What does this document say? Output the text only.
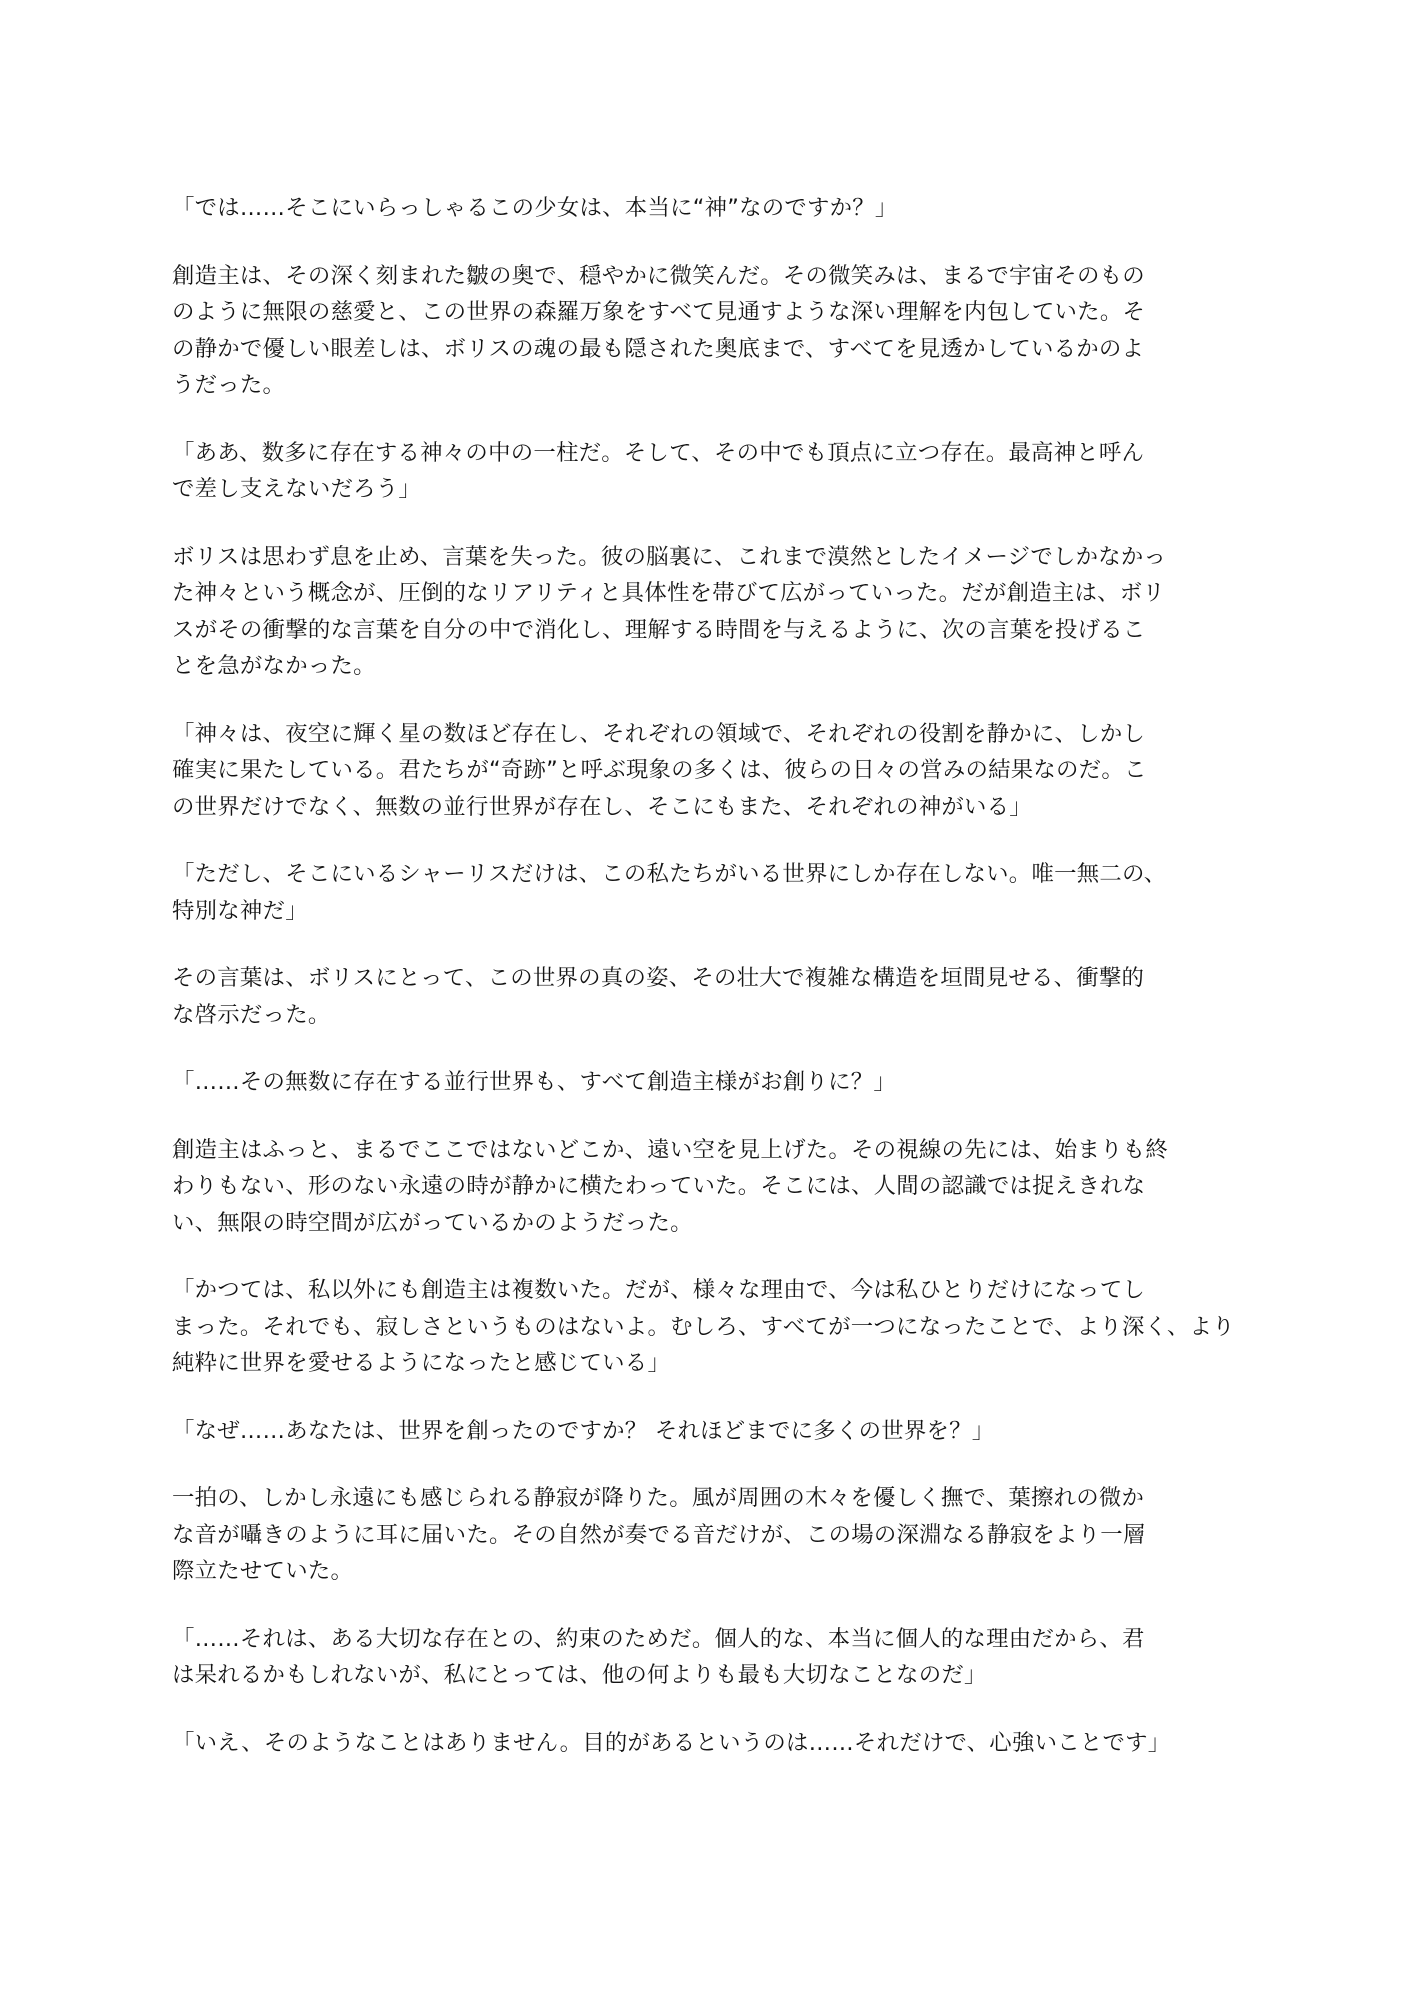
「では……そこにいらっしゃるこの少女は、本当に“神”なのですか？」

創造主は、その深く刻まれた皺の奥で、穏やかに微笑んだ。その微笑みは、まるで宇宙そのもの
のように無限の慈愛と、この世界の森羅万象をすべて見通すような深い理解を内包していた。そ
の静かで優しい眼差しは、ボリスの魂の最も隠された奥底まで、すべてを見透かしているかのよ
うだった。

「ああ、数多に存在する神々の中の一柱だ。そして、その中でも頂点に立つ存在。最高神と呼ん
で差し支えないだろう」

ボリスは思わず息を止め、言葉を失った。彼の脳裏に、これまで漠然としたイメージでしかなかっ
た神々という概念が、圧倒的なリアリティと具体性を帯びて広がっていった。だが創造主は、ボリ
スがその衝撃的な言葉を自分の中で消化し、理解する時間を与えるように、次の言葉を投げるこ
とを急がなかった。

「神々は、夜空に輝く星の数ほど存在し、それぞれの領域で、それぞれの役割を静かに、しかし
確実に果たしている。君たちが“奇跡”と呼ぶ現象の多くは、彼らの日々の営みの結果なのだ。こ
の世界だけでなく、無数の並行世界が存在し、そこにもまた、それぞれの神がいる」

「ただし、そこにいるシャーリスだけは、この私たちがいる世界にしか存在しない。唯一無二の、
特別な神だ」

その言葉は、ボリスにとって、この世界の真の姿、その壮大で複雑な構造を垣間見せる、衝撃的
な啓示だった。

「……その無数に存在する並行世界も、すべて創造主様がお創りに？」

創造主はふっと、まるでここではないどこか、遠い空を見上げた。その視線の先には、始まりも終
わりもない、形のない永遠の時が静かに横たわっていた。そこには、人間の認識では捉えきれな
い、無限の時空間が広がっているかのようだった。

「かつては、私以外にも創造主は複数いた。だが、様々な理由で、今は私ひとりだけになってし
まった。それでも、寂しさというものはないよ。むしろ、すべてが一つになったことで、より深く、より
純粋に世界を愛せるようになったと感じている」

「なぜ……あなたは、世界を創ったのですか？ それほどまでに多くの世界を？」

一拍の、しかし永遠にも感じられる静寂が降りた。風が周囲の木々を優しく撫で、葉擦れの微か
な音が囁きのように耳に届いた。その自然が奏でる音だけが、この場の深淵なる静寂をより一層
際立たせていた。

「……それは、ある大切な存在との、約束のためだ。個人的な、本当に個人的な理由だから、君
は呆れるかもしれないが、私にとっては、他の何よりも最も大切なことなのだ」

「いえ、そのようなことはありません。目的があるというのは……それだけで、心強いことです」
